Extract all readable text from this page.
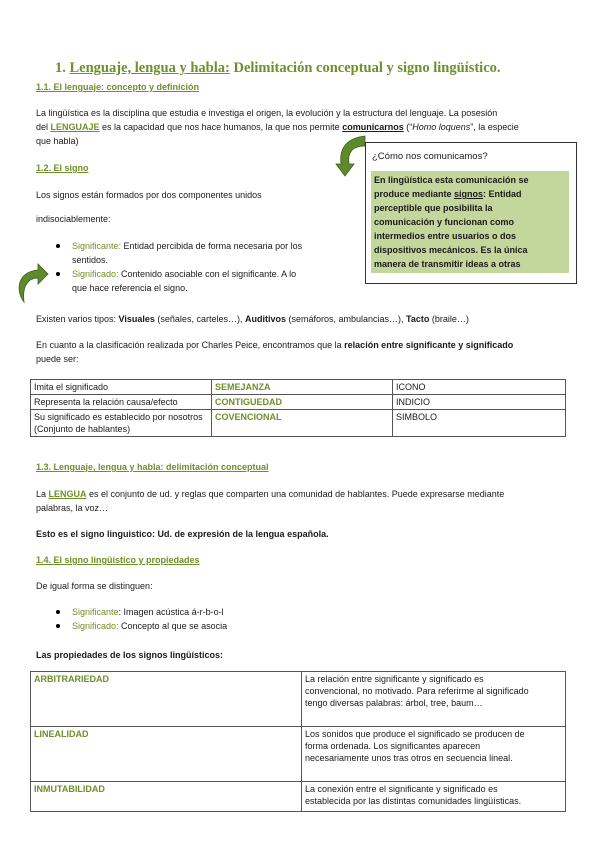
1. Lenguaje, lengua y habla: Delimitación conceptual y signo lingüístico.
1.1. El lenguaje: concepto y definición
La lingüística es la disciplina que estudia e investiga el origen, la evolución y la estructura del lenguaje. La posesión
del LENGUAJE es la capacidad que nos hace humanos, la que nos permite comunicarnos (“Homo loquens”, la especie
que habla)
¿Cómo nos comunicamos?
En lingüística esta comunicación se
produce mediante signos: Entidad
perceptible que posibilita la
comunicación y funcionan como
intermedios entre usuarios o dos
dispositivos mecánicos. Es la única
manera de transmitir ideas a otras
1.2. El signo
Los signos están formados por dos componentes unidos
indisociablemente:
Significante: Entidad percibida de forma necesaria por los
sentidos.
Significado: Contenido asociable con el significante. A lo
que hace referencia el signo.
Existen varios tipos: Visuales (señales, carteles…), Auditivos (semáforos, ambulancias…), Tacto (braile…)
En cuanto a la clasificación realizada por Charles Peice, encontramos que la relación entre significante y significado
puede ser:
Imita el significado	SEMEJANZA	ICONO
Representa la relación causa/efecto	CONTIGUEDAD	INDICIO
Su significado es establecido por nosotros (Conjunto de hablantes)	COVENCIONAL	SIMBOLO
1.3. Lenguaje, lengua y habla: delimitación conceptual
La LENGUA es el conjunto de ud. y reglas que comparten una comunidad de hablantes. Puede expresarse mediante
palabras, la voz…
Esto es el signo linguistico: Ud. de expresión de la lengua española.
1.4. El signo lingüístico y propiedades
De igual forma se distinguen:
Significante: Imagen acústica á-r-b-o-l
Significado: Concepto al que se asocia
Las propiedades de los signos lingüísticos:
ARBITRARIEDAD	La relación entre significante y significado es
convencional, no motivado. Para referirme al significado
tengo diversas palabras: árbol, tree, baum…

LINEALIDAD	Los sonidos que produce el significado se producen de
forma ordenada. Los significantes aparecen
necesariamente unos tras otros en secuencia lineal.

INMUTABILIDAD	La conexión entre el significante y significado es
establecida por las distintas comunidades lingüísticas.
